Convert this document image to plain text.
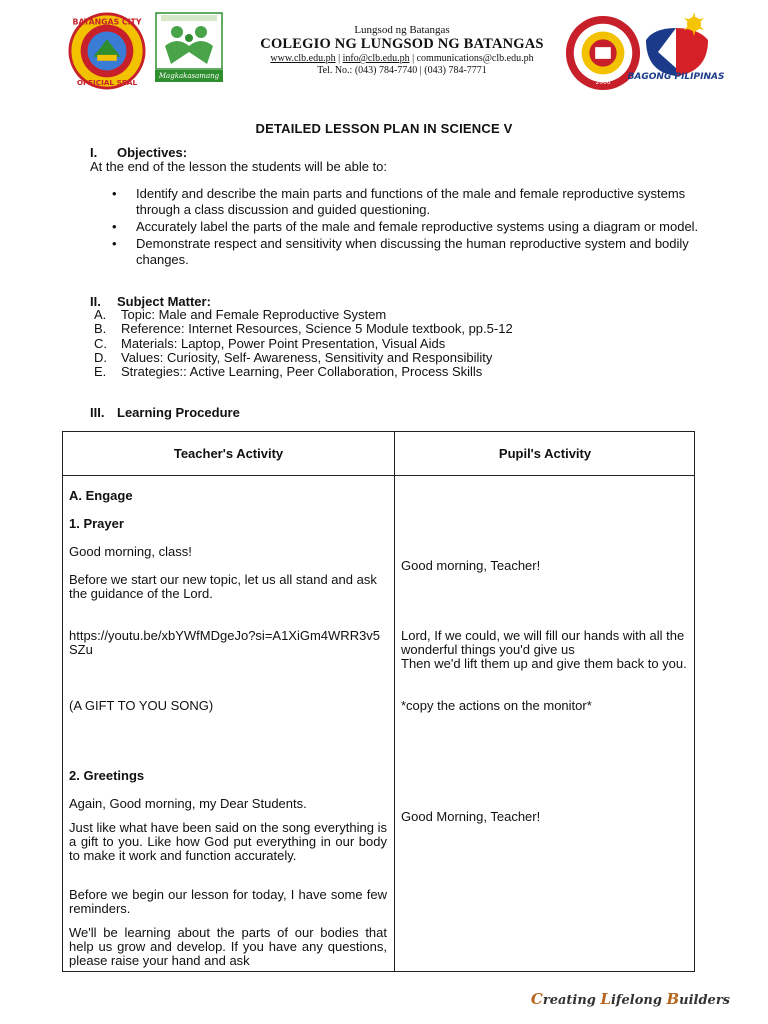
BATANGAS CITY
OFFICIAL SEAL
Magkakasamang Lingap
Lungsod ng Batangas
COLEGIO NG LUNGSOD NG BATANGAS
www.clb.edu.ph | info@clb.edu.ph | communications@clb.edu.ph
Tel. No.: (043) 784-7740 | (043) 784-7771
2006
BAGONG PILIPINAS
DETAILED LESSON PLAN IN SCIENCE V
I. Objectives:
At the end of the lesson the students will be able to:
• Identify and describe the main parts and functions of the male and female reproductive systems through a class discussion and guided questioning.
• Accurately label the parts of the male and female reproductive systems using a diagram or model.
• Demonstrate respect and sensitivity when discussing the human reproductive system and bodily changes.
II. Subject Matter:
A. Topic: Male and Female Reproductive System
B. Reference: Internet Resources, Science 5 Module textbook, pp.5-12
C. Materials: Laptop, Power Point Presentation, Visual Aids
D. Values: Curiosity, Self- Awareness, Sensitivity and Responsibility
E. Strategies:: Active Learning, Peer Collaboration, Process Skills
III. Learning Procedure
Teacher's Activity	Pupil's Activity
A. Engage
1. Prayer
Good morning, class!
Before we start our new topic, let us all stand and ask the guidance of the Lord.
https://youtu.be/xbYWfMDgeJo?si=A1XiGm4WRR3v5SZu
(A GIFT TO YOU SONG)
2. Greetings
Again, Good morning, my Dear Students.
Just like what have been said on the song everything is a gift to you. Like how God put everything in our body to make it work and function accurately.
Before we begin our lesson for today, I have some few reminders.
We'll be learning about the parts of our bodies that help us grow and develop. If you have any questions, please raise your hand and ask
Good morning, Teacher!
Lord, If we could, we will fill our hands with all the wonderful things you'd give us
Then we'd lift them up and give them back to you.
*copy the actions on the monitor*
Good Morning, Teacher!
Creating Lifelong Builders
